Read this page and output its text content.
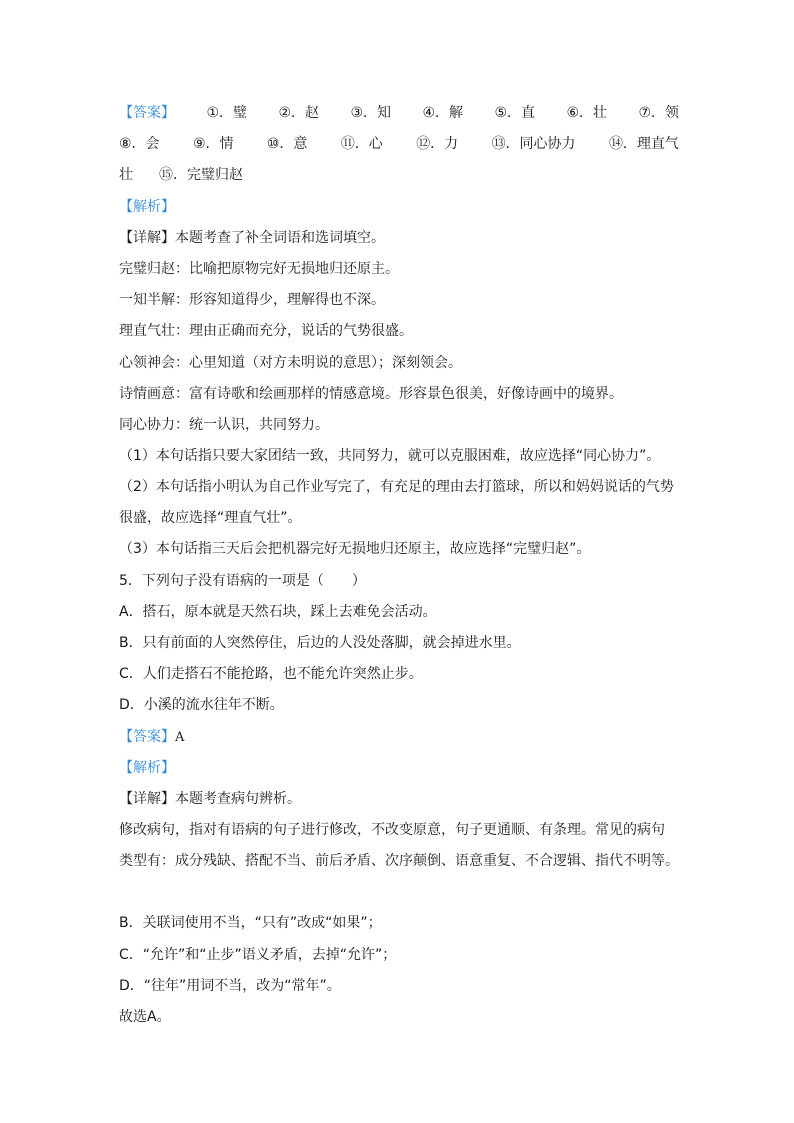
【答案】 ①．璧 ②．赵 ③．知 ④．解 ⑤．直 ⑥．壮 ⑦．领
⑧．会 ⑨．情 ⑩．意 ⑪．心 ⑫．力 ⑬．同心协力 ⑭．理直气
壮 ⑮．完璧归赵
【解析】
【详解】本题考查了补全词语和选词填空。
完璧归赵：比喻把原物完好无损地归还原主。
一知半解：形容知道得少，理解得也不深。
理直气壮：理由正确而充分，说话的气势很盛。
心领神会：心里知道（对方未明说的意思）；深刻领会。
诗情画意：富有诗歌和绘画那样的情感意境。形容景色很美，好像诗画中的境界。
同心协力：统一认识，共同努力。
（1）本句话指只要大家团结一致，共同努力，就可以克服困难，故应选择“同心协力”。
（2）本句话指小明认为自己作业写完了，有充足的理由去打篮球，所以和妈妈说话的气势
很盛，故应选择“理直气壮”。
（3）本句话指三天后会把机器完好无损地归还原主，故应选择“完璧归赵”。
5．下列句子没有语病的一项是（　　）
A．搭石，原本就是天然石块，踩上去难免会活动。
B．只有前面的人突然停住，后边的人没处落脚，就会掉进水里。
C．人们走搭石不能抢路，也不能允许突然止步。
D．小溪的流水往年不断。
【答案】A
【解析】
【详解】本题考查病句辨析。
修改病句，指对有语病的句子进行修改，不改变原意，句子更通顺、有条理。常见的病句
类型有：成分残缺、搭配不当、前后矛盾、次序颠倒、语意重复、不合逻辑、指代不明等。
B．关联词使用不当，“只有”改成“如果”；
C．“允许”和“止步”语义矛盾，去掉“允许”；
D．“往年”用词不当，改为“常年”。
故选A。
